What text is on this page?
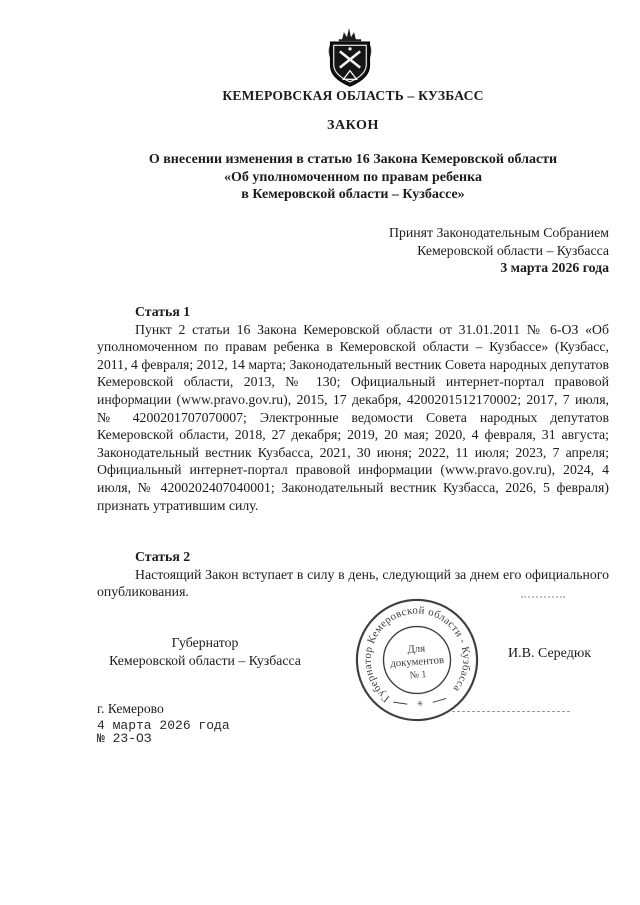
КЕМЕРОВСКАЯ ОБЛАСТЬ – КУЗБАСС
ЗАКОН
О внесении изменения в статью 16 Закона Кемеровской области
«Об уполномоченном по правам ребенка
в Кемеровской области – Кузбассе»
Принят Законодательным Собранием
Кемеровской области – Кузбасса
3 марта 2026 года

Статья 1

Пункт 2 статьи 16 Закона Кемеровской области от 31.01.2011 № 6-ОЗ «Об уполномоченном по правам ребенка в Кемеровской области – Кузбассе» (Кузбасс, 2011, 4 февраля; 2012, 14 марта; Законодательный вестник Совета народных депутатов Кемеровской области, 2013, № 130; Официальный интернет-портал правовой информации (www.pravo.gov.ru), 2015, 17 декабря, 4200201512170002; 2017, 7 июля, № 4200201707070007; Электронные ведомости Совета народных депутатов Кемеровской области, 2018, 27 декабря; 2019, 20 мая; 2020, 4 февраля, 31 августа; Законодательный вестник Кузбасса, 2021, 30 июня; 2022, 11 июля; 2023, 7 апреля; Официальный интернет-портал правовой информации (www.pravo.gov.ru), 2024, 4 июля, № 4200202407040001; Законодательный вестник Кузбасса, 2026, 5 февраля) признать утратившим силу.

Статья 2

Настоящий Закон вступает в силу в день, следующий за днем его официального опубликования.

Губернатор
Кемеровской области – Кузбасса	И.В. Середюк
Губернатор Кемеровской области - Кузбасса
Для
документов
№ 1
✳
г. Кемерово
4 марта 2026 года
№ 23-ОЗ
